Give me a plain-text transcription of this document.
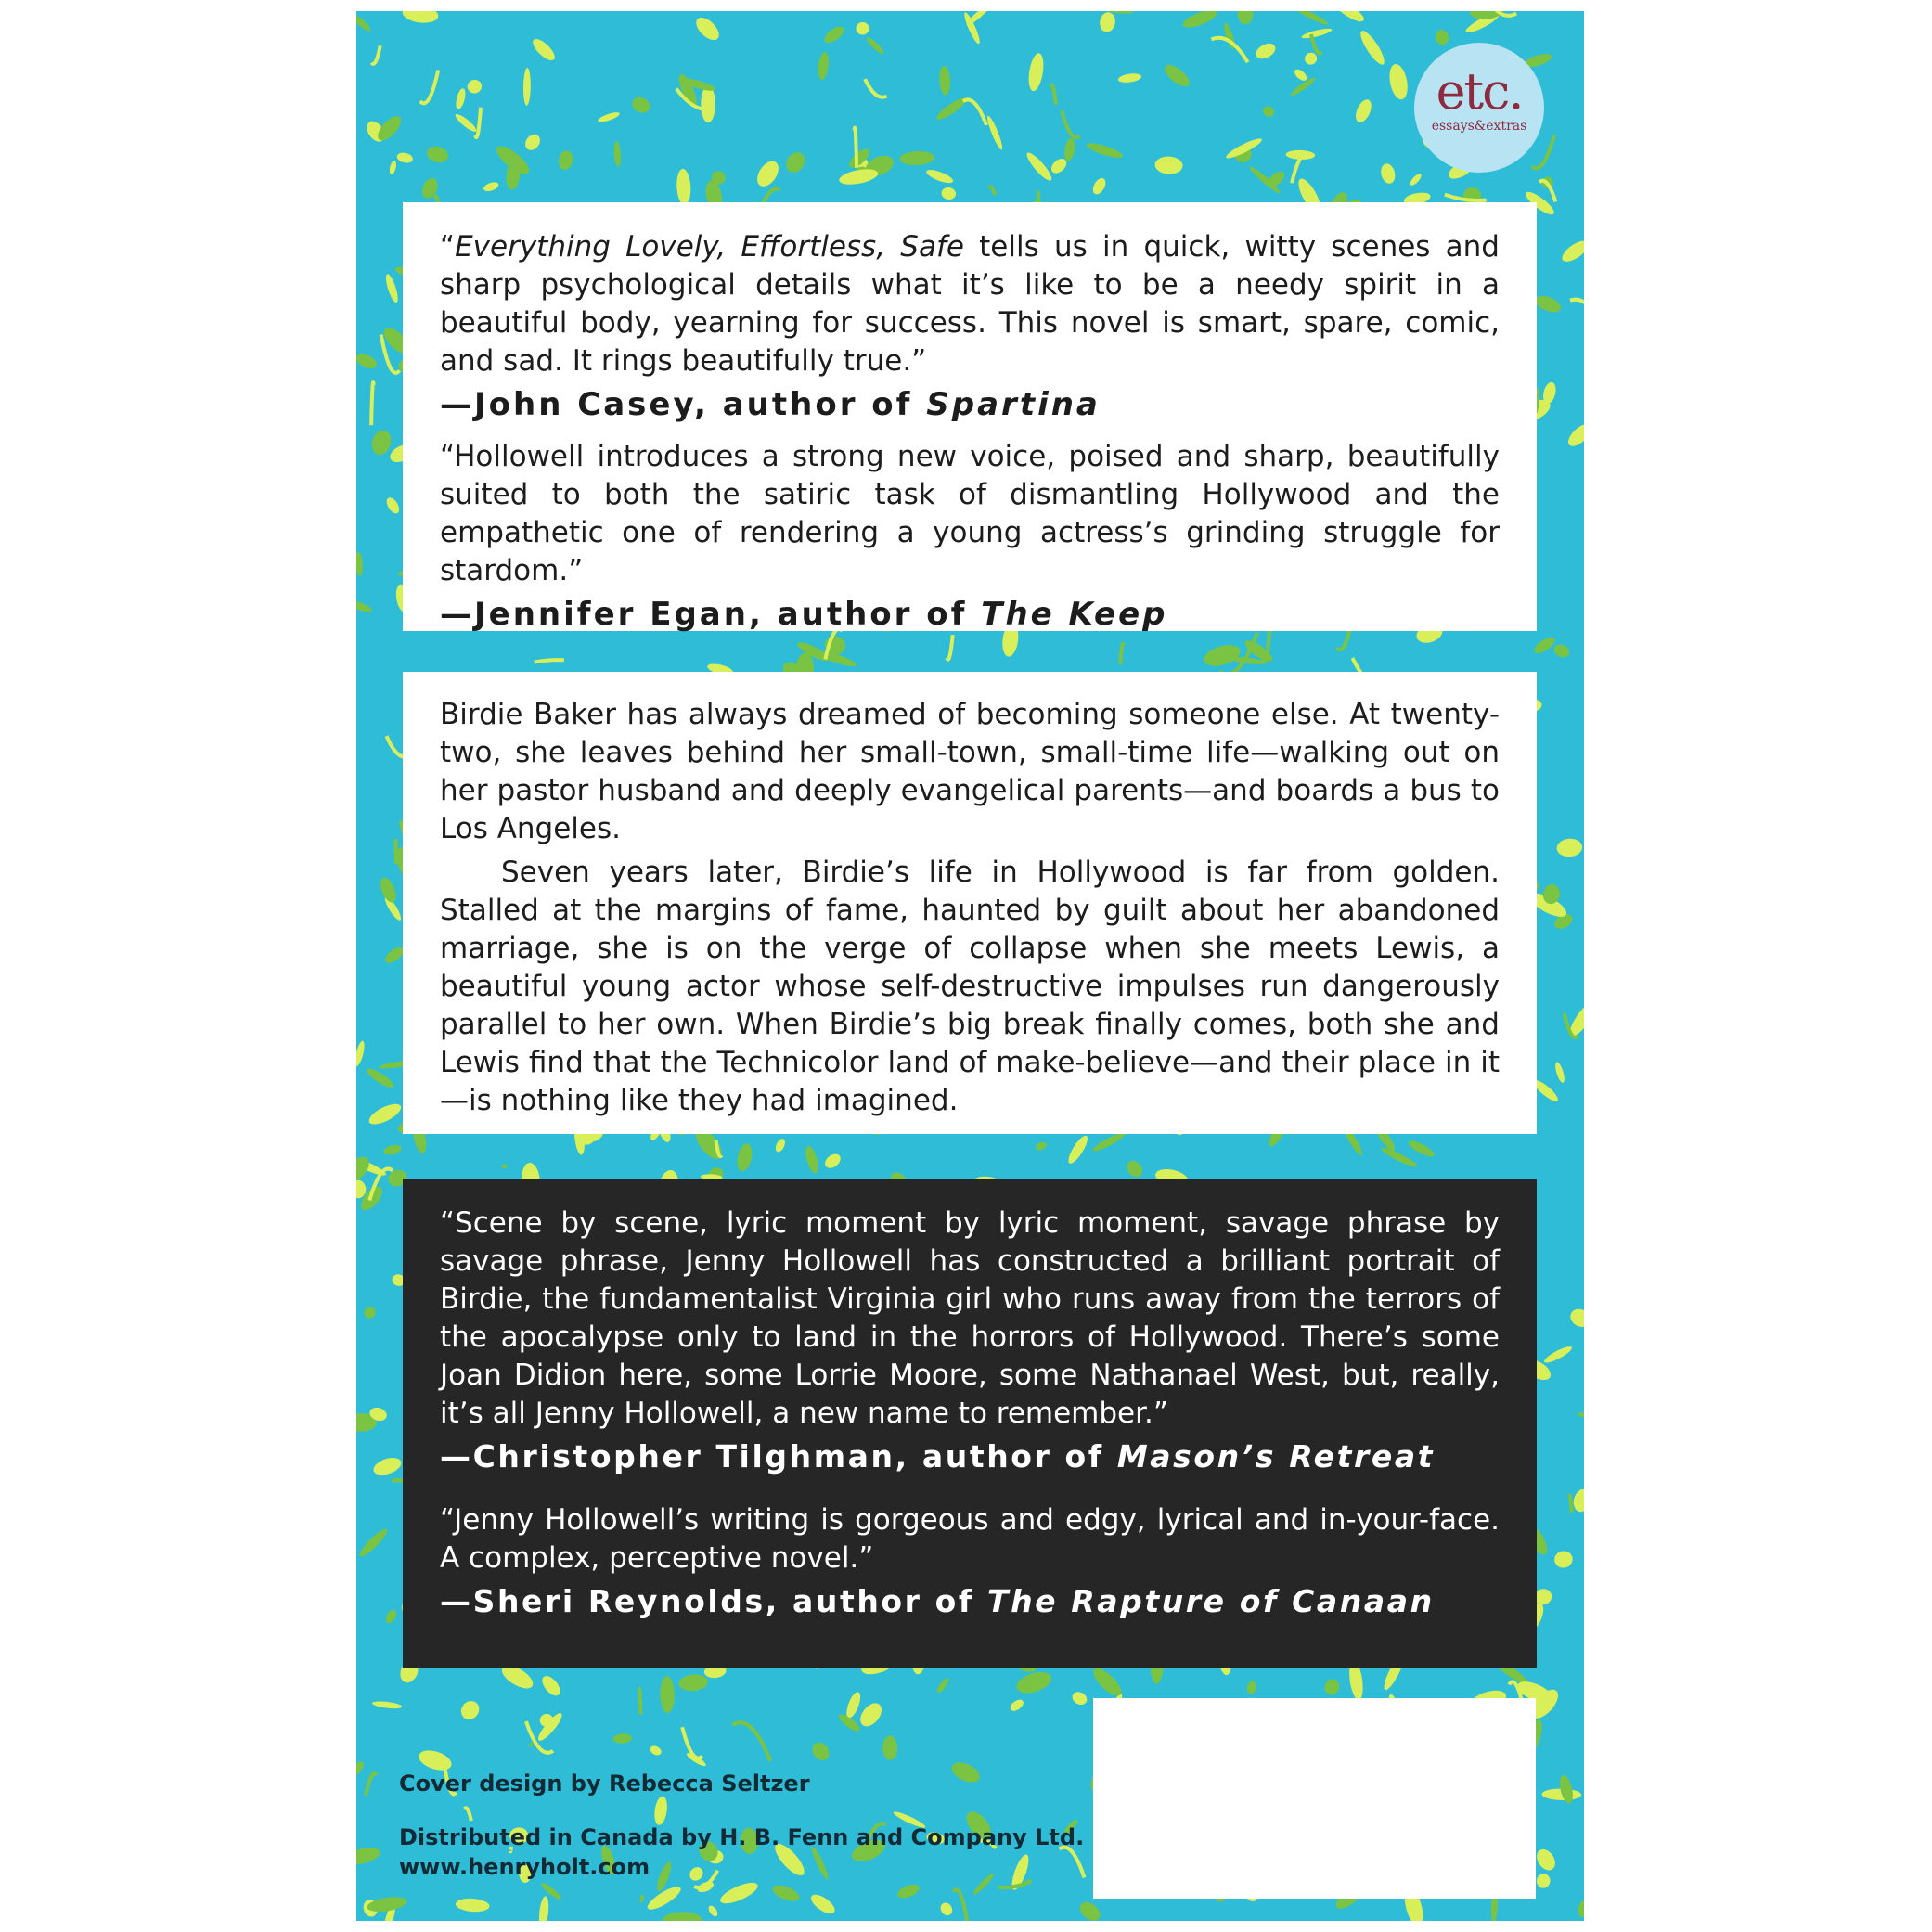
etc.
essays&extras

“Everything Lovely, Effortless, Safe tells us in quick, witty scenes and sharp psychological details what it’s like to be a needy spirit in a beautiful body, yearning for success. This novel is smart, spare, comic, and sad. It rings beautifully true.”

—John Casey, author of Spartina

“Hollowell introduces a strong new voice, poised and sharp, beautifully suited to both the satiric task of dismantling Hollywood and the empathetic one of rendering a young actress’s grinding struggle for stardom.”

—Jennifer Egan, author of The Keep

Birdie Baker has always dreamed of becoming someone else. At twenty-two, she leaves behind her small-town, small-time life—walking out on her pastor husband and deeply evangelical parents—and boards a bus to Los Angeles.

Seven years later, Birdie’s life in Hollywood is far from golden. Stalled at the margins of fame, haunted by guilt about her abandoned marriage, she is on the verge of collapse when she meets Lewis, a beautiful young actor whose self-destructive impulses run dangerously parallel to her own. When Birdie’s big break finally comes, both she and Lewis find that the Technicolor land of make-believe—and their place in it—is nothing like they had imagined.

“Scene by scene, lyric moment by lyric moment, savage phrase by savage phrase, Jenny Hollowell has constructed a brilliant portrait of Birdie, the fundamentalist Virginia girl who runs away from the terrors of the apocalypse only to land in the horrors of Hollywood. There’s some Joan Didion here, some Lorrie Moore, some Nathanael West, but, really, it’s all Jenny Hollowell, a new name to remember.”

—Christopher Tilghman, author of Mason’s Retreat

“Jenny Hollowell’s writing is gorgeous and edgy, lyrical and in-your-face. A complex, perceptive novel.”

—Sheri Reynolds, author of The Rapture of Canaan

Cover design by Rebecca Seltzer
Distributed in Canada by H. B. Fenn and Company Ltd.
www.henryholt.com
